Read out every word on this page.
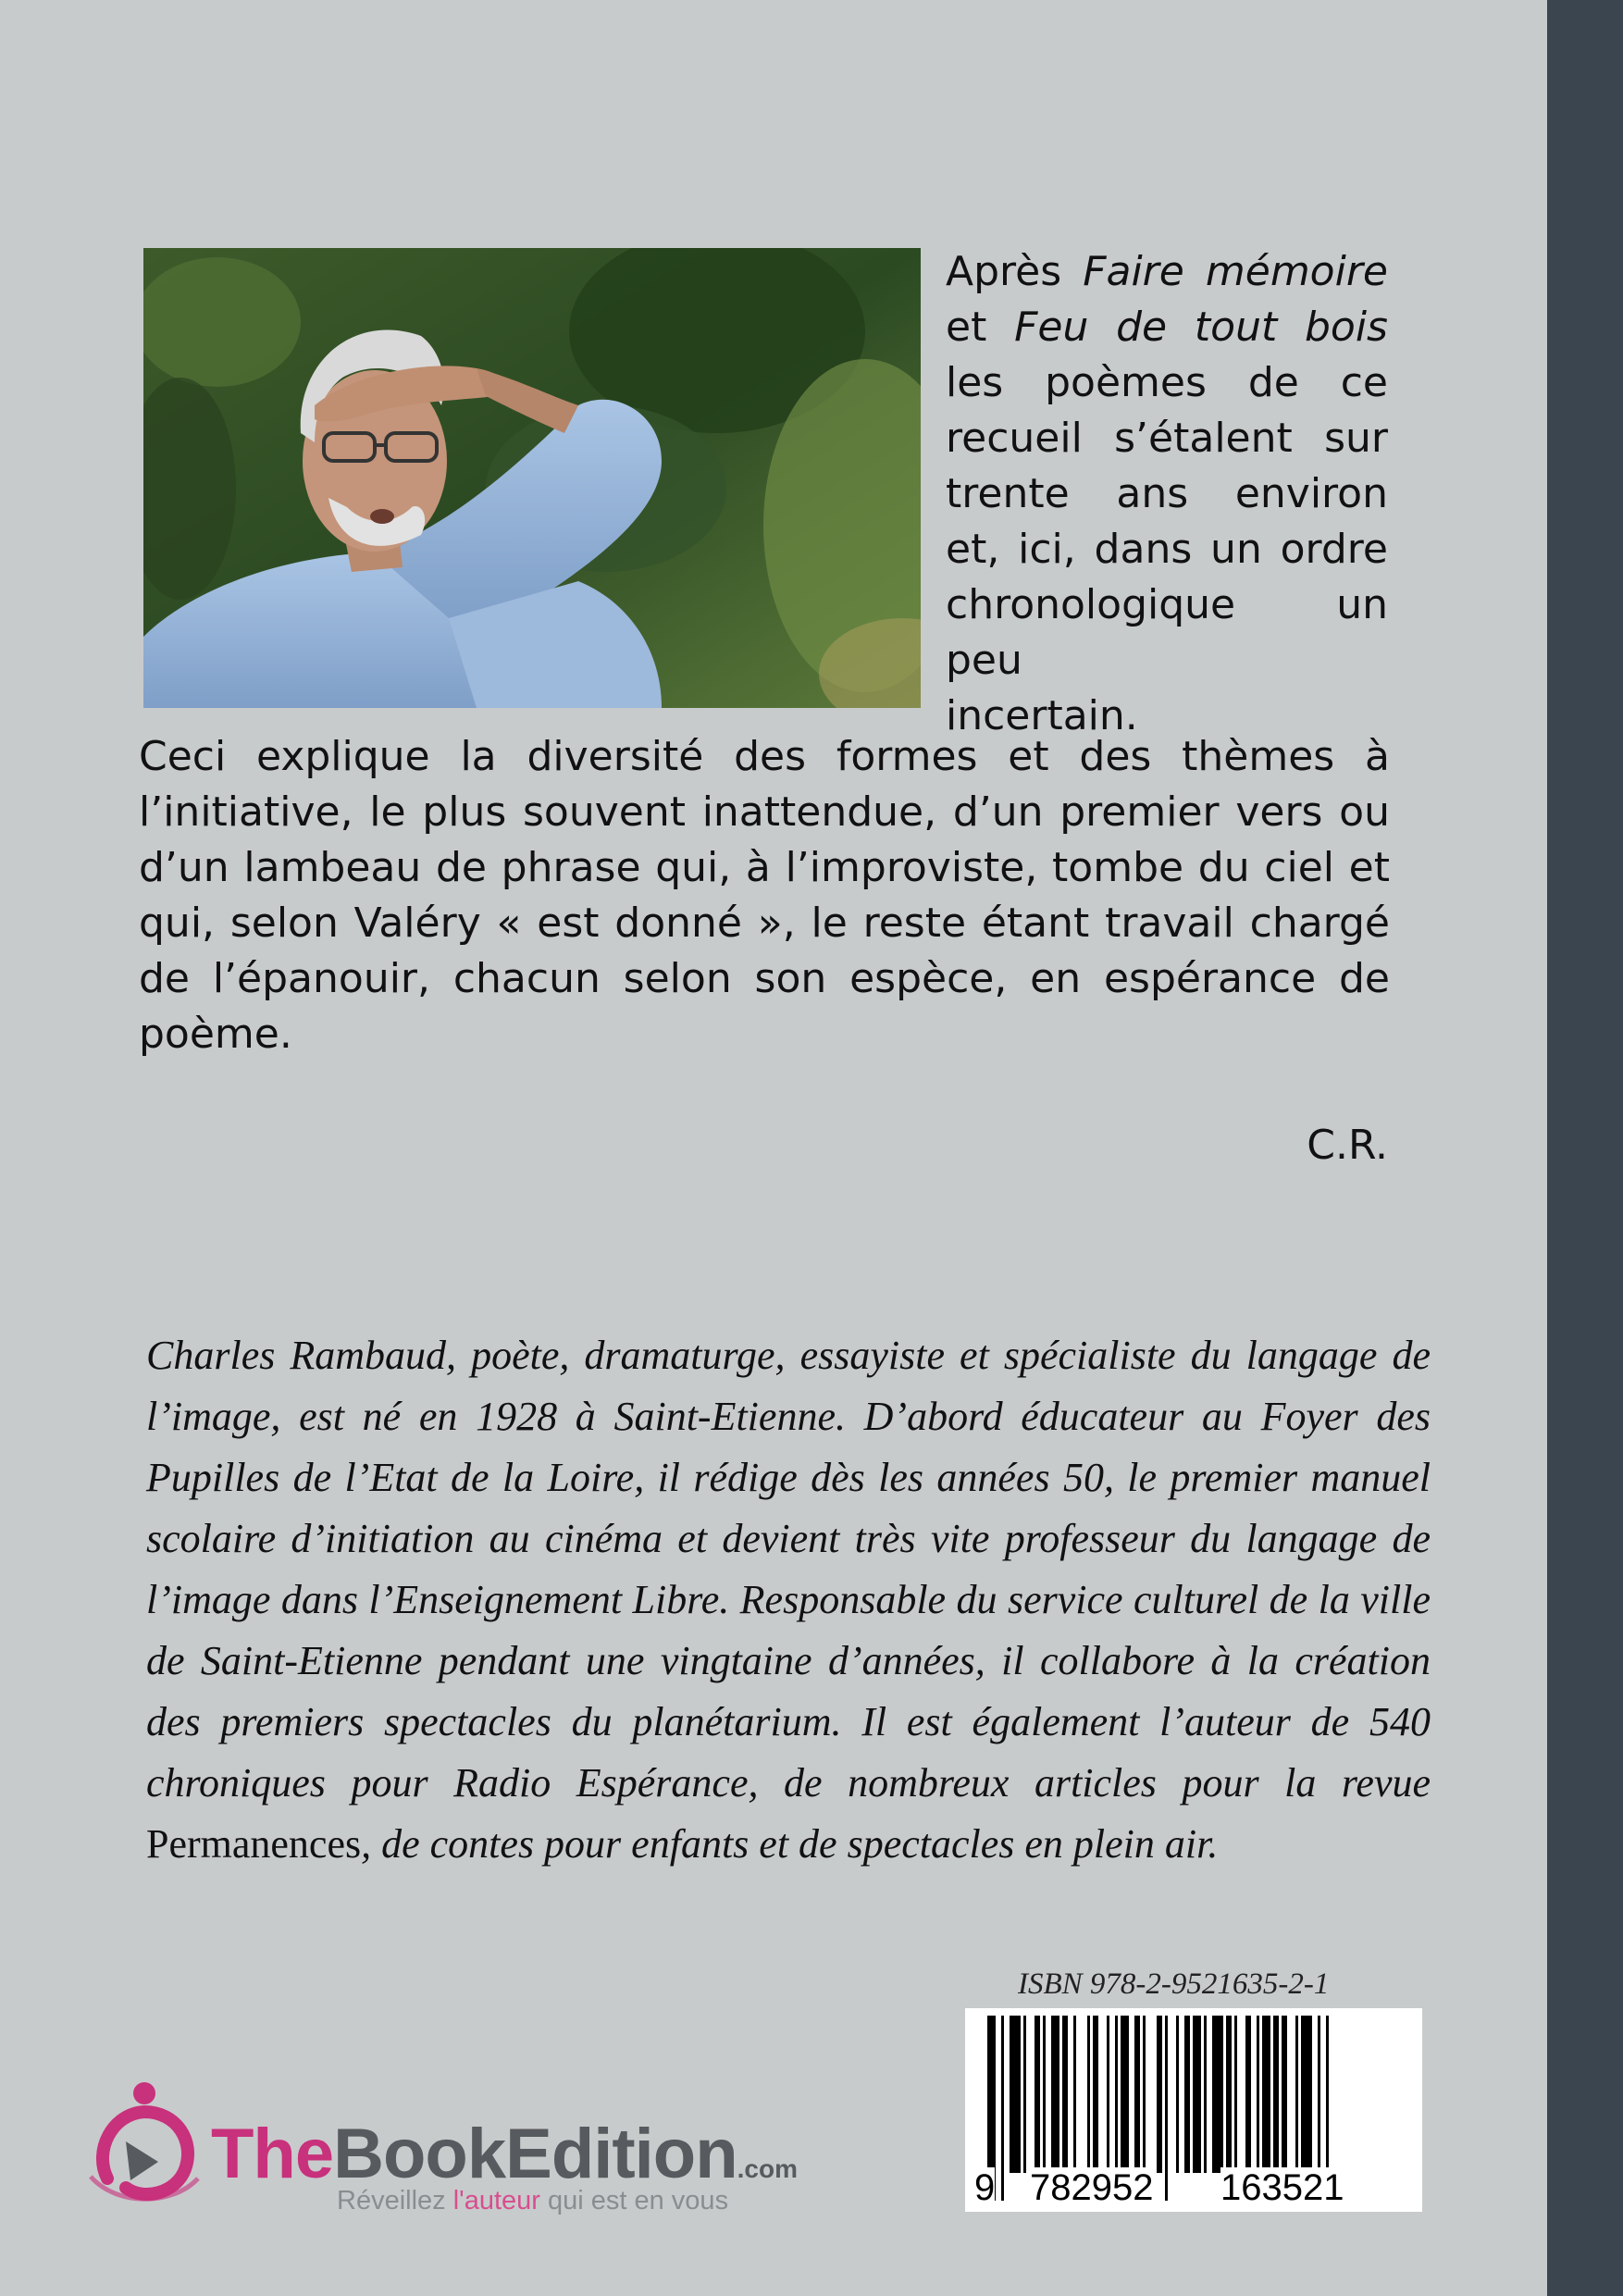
Après Faire mémoire
et Feu de tout bois
les poèmes de ce
recueil s’étalent sur
trente ans environ
et, ici, dans un ordre
chronologique un peu
incertain.

Ceci explique la diversité des formes et des thèmes à l’initiative, le plus souvent inattendue, d’un premier vers ou d’un lambeau de phrase qui, à l’improviste, tombe du ciel et qui, selon Valéry « est donné », le reste étant travail chargé de l’épanouir, chacun selon son espèce, en espérance de poème.

C.R.

Charles Rambaud, poète, dramaturge, essayiste et spécialiste du langage de l’image, est né en 1928 à Saint-Etienne. D’abord éducateur au Foyer des Pupilles de l’Etat de la Loire, il rédige dès les années 50, le premier manuel scolaire d’initiation au cinéma et devient très vite professeur du langage de l’image dans l’Enseignement Libre. Responsable du service culturel de la ville de Saint-Etienne pendant une vingtaine d’années, il collabore à la création des premiers spectacles du planétarium. Il est également l’auteur de 540 chroniques pour Radio Espérance, de nombreux articles pour la revue Permanences, de contes pour enfants et de spectacles en plein air.

ISBN 978-2-9521635-2-1

9 782952 163521
TheBookEdition.com
Réveillez l'auteur qui est en vous
